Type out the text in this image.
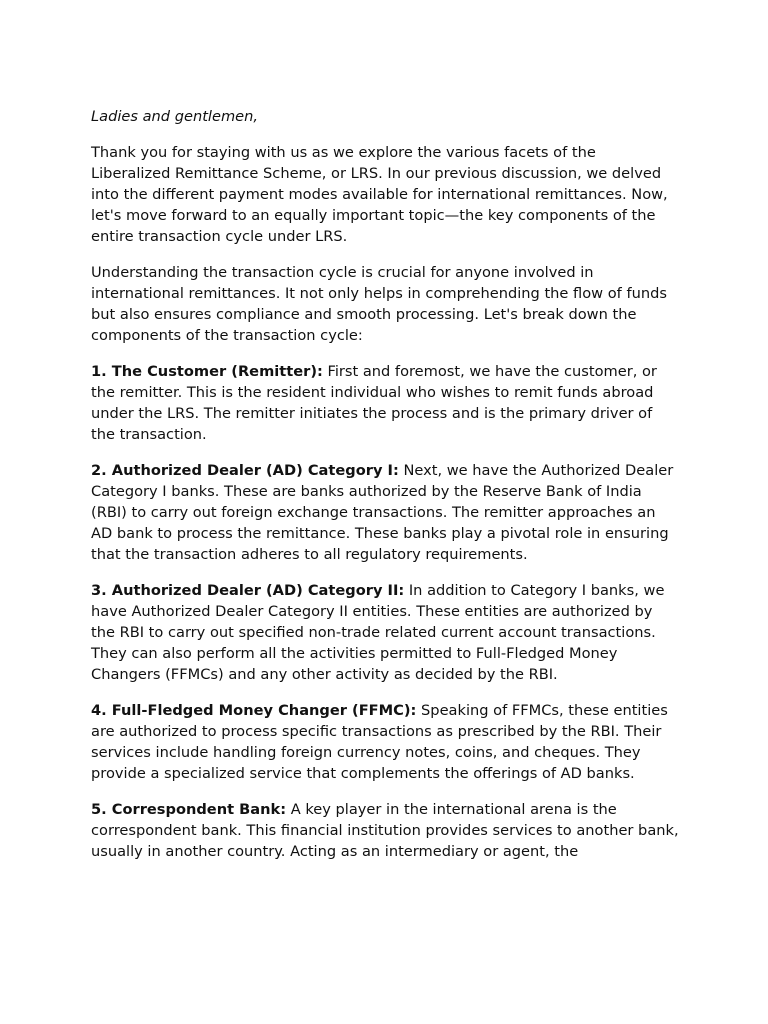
Ladies and gentlemen,

Thank you for staying with us as we explore the various facets of the Liberalized Remittance Scheme, or LRS. In our previous discussion, we delved into the different payment modes available for international remittances. Now, let's move forward to an equally important topic—the key components of the entire transaction cycle under LRS.

Understanding the transaction cycle is crucial for anyone involved in international remittances. It not only helps in comprehending the flow of funds but also ensures compliance and smooth processing. Let's break down the components of the transaction cycle:

1. The Customer (Remitter): First and foremost, we have the customer, or the remitter. This is the resident individual who wishes to remit funds abroad under the LRS. The remitter initiates the process and is the primary driver of the transaction.

2. Authorized Dealer (AD) Category I: Next, we have the Authorized Dealer Category I banks. These are banks authorized by the Reserve Bank of India (RBI) to carry out foreign exchange transactions. The remitter approaches an AD bank to process the remittance. These banks play a pivotal role in ensuring that the transaction adheres to all regulatory requirements.

3. Authorized Dealer (AD) Category II: In addition to Category I banks, we have Authorized Dealer Category II entities. These entities are authorized by the RBI to carry out specified non-trade related current account transactions. They can also perform all the activities permitted to Full-Fledged Money Changers (FFMCs) and any other activity as decided by the RBI.

4. Full-Fledged Money Changer (FFMC): Speaking of FFMCs, these entities are authorized to process specific transactions as prescribed by the RBI. Their services include handling foreign currency notes, coins, and cheques. They provide a specialized service that complements the offerings of AD banks.

5. Correspondent Bank: A key player in the international arena is the correspondent bank. This financial institution provides services to another bank, usually in another country. Acting as an intermediary or agent, the
